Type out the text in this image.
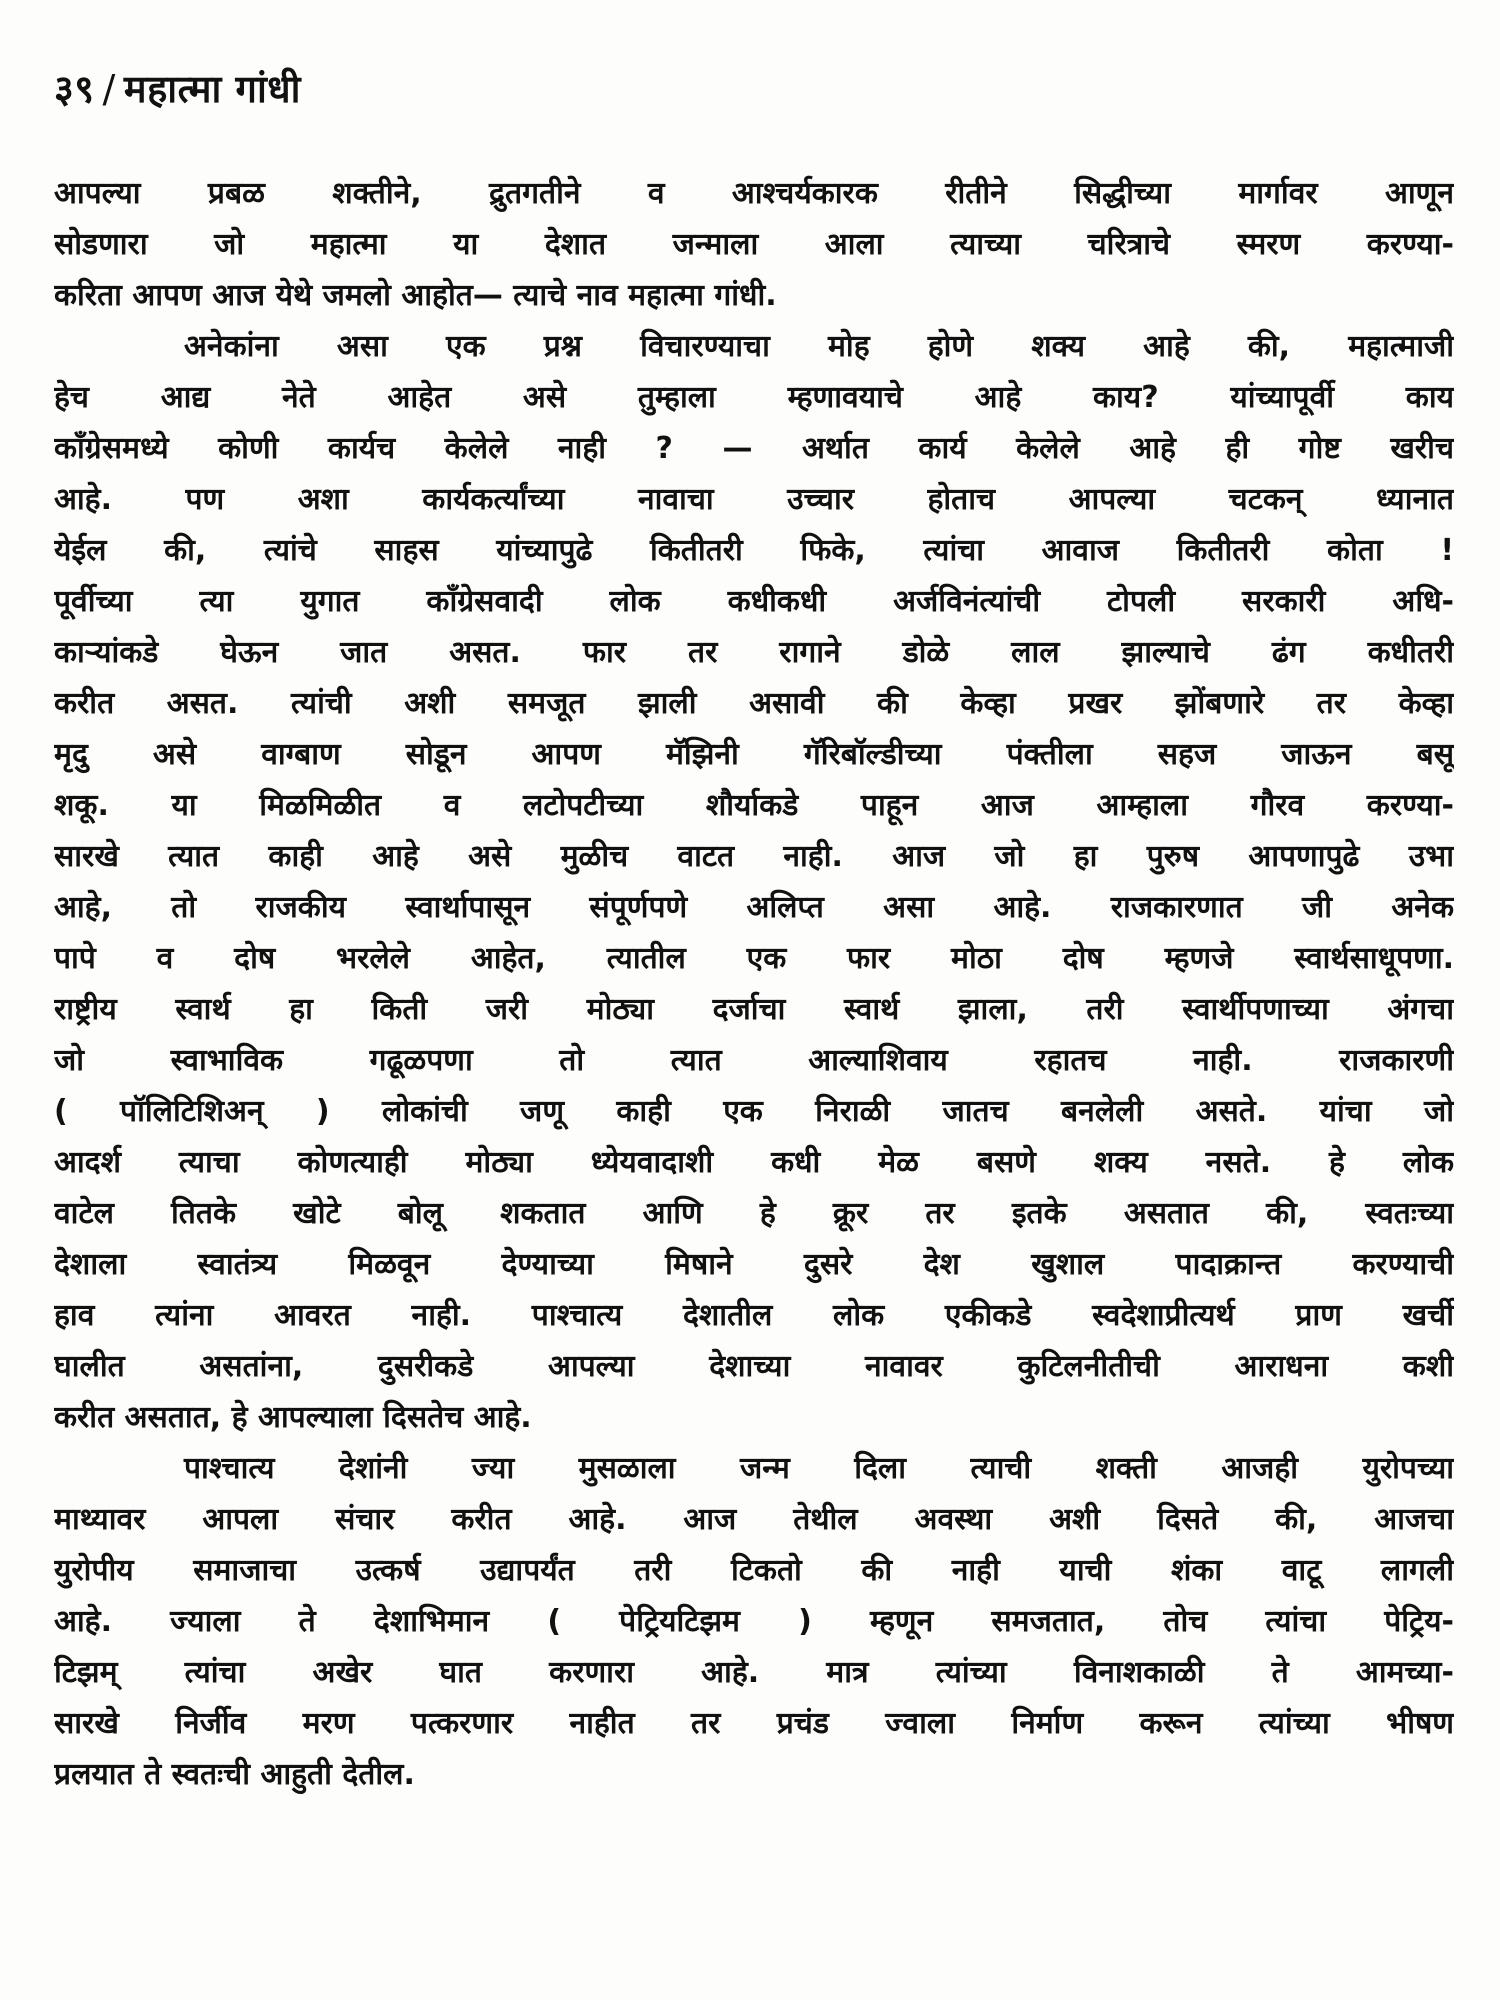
३९ / महात्मा गांधी
आपल्या प्रबळ शक्तीने, द्रुतगतीने व आश्चर्यकारक रीतीने सिद्धीच्या मार्गावर आणून
सोडणारा जो महात्मा या देशात जन्माला आला त्याच्या चरित्राचे स्मरण करण्या-
करिता आपण आज येथे जमलो आहोत— त्याचे नाव महात्मा गांधी.
अनेकांना असा एक प्रश्न विचारण्याचा मोह होणे शक्य आहे की, महात्माजी
हेच आद्य नेते आहेत असे तुम्हाला म्हणावयाचे आहे काय? यांच्यापूर्वी काय
कॉंग्रेसमध्ये कोणी कार्यच केलेले नाही ? — अर्थात कार्य केलेले आहे ही गोष्ट खरीच
आहे. पण अशा कार्यकर्त्यांच्या नावाचा उच्चार होताच आपल्या चटकन् ध्यानात
येईल की, त्यांचे साहस यांच्यापुढे कितीतरी फिके, त्यांचा आवाज कितीतरी कोता !
पूर्वीच्या त्या युगात कॉंग्रेसवादी लोक कधीकधी अर्जविनंत्यांची टोपली सरकारी अधि-
काऱ्यांकडे घेऊन जात असत. फार तर रागाने डोळे लाल झाल्याचे ढंग कधीतरी
करीत असत. त्यांची अशी समजूत झाली असावी की केव्हा प्रखर झोंबणारे तर केव्हा
मृदु असे वाग्बाण सोडून आपण मॅझिनी गॅरिबॉल्डीच्या पंक्तीला सहज जाऊन बसू
शकू. या मिळमिळीत व लटोपटीच्या शौर्याकडे पाहून आज आम्हाला गौरव करण्या-
सारखे त्यात काही आहे असे मुळीच वाटत नाही. आज जो हा पुरुष आपणापुढे उभा
आहे, तो राजकीय स्वार्थापासून संपूर्णपणे अलिप्त असा आहे. राजकारणात जी अनेक
पापे व दोष भरलेले आहेत, त्यातील एक फार मोठा दोष म्हणजे स्वार्थसाधूपणा.
राष्ट्रीय स्वार्थ हा किती जरी मोठ्या दर्जाचा स्वार्थ झाला, तरी स्वार्थीपणाच्या अंगचा
जो स्वाभाविक गढूळपणा तो त्यात आल्याशिवाय रहातच नाही. राजकारणी
( पॉलिटिशिअन् ) लोकांची जणू काही एक निराळी जातच बनलेली असते. यांचा जो
आदर्श त्याचा कोणत्याही मोठ्या ध्येयवादाशी कधी मेळ बसणे शक्य नसते. हे लोक
वाटेल तितके खोटे बोलू शकतात आणि हे क्रूर तर इतके असतात की, स्वतःच्या
देशाला स्वातंत्र्य मिळवून देण्याच्या मिषाने दुसरे देश खुशाल पादाक्रान्त करण्याची
हाव त्यांना आवरत नाही. पाश्चात्य देशातील लोक एकीकडे स्वदेशाप्रीत्यर्थ प्राण खर्ची
घालीत असतांना, दुसरीकडे आपल्या देशाच्या नावावर कुटिलनीतीची आराधना कशी
करीत असतात, हे आपल्याला दिसतेच आहे.
पाश्चात्य देशांनी ज्या मुसळाला जन्म दिला त्याची शक्ती आजही युरोपच्या
माथ्यावर आपला संचार करीत आहे. आज तेथील अवस्था अशी दिसते की, आजचा
युरोपीय समाजाचा उत्कर्ष उद्यापर्यंत तरी टिकतो की नाही याची शंका वाटू लागली
आहे. ज्याला ते देशाभिमान ( पेट्रियटिझम ) म्हणून समजतात, तोच त्यांचा पेट्रिय-
टिझम् त्यांचा अखेर घात करणारा आहे. मात्र त्यांच्या विनाशकाळी ते आमच्या-
सारखे निर्जीव मरण पत्करणार नाहीत तर प्रचंड ज्वाला निर्माण करून त्यांच्या भीषण
प्रलयात ते स्वतःची आहुती देतील.
